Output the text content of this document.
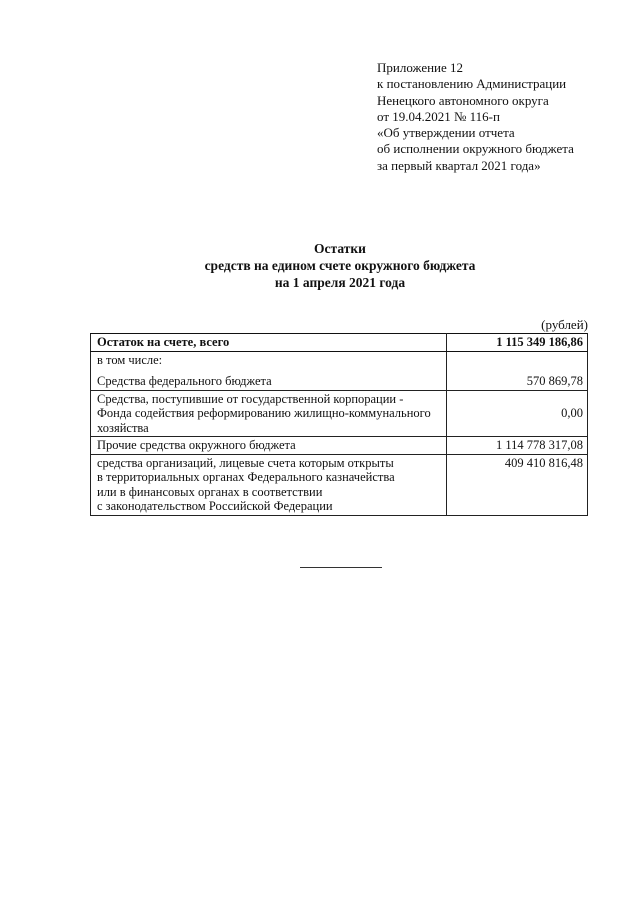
Приложение 12
к постановлению Администрации
Ненецкого автономного округа
от 19.04.2021 № 116-п
«Об утверждении отчета
об исполнении окружного бюджета
за первый квартал 2021 года»
Остатки
средств на едином счете окружного бюджета
на 1 апреля 2021 года
(рублей)
Остаток на счете, всего	1 115 349 186,86

в том числе:
Средства федерального бюджета	570 869,78

Средства, поступившие от государственной корпорации -
Фонда содействия реформированию жилищно-коммунального
хозяйства	0,00
Прочие средства окружного бюджета	1 114 778 317,08

средства организаций, лицевые счета которым открыты
в территориальных органах Федерального казначейства
или в финансовых органах в соответствии
с законодательством Российской Федерации	409 410 816,48
